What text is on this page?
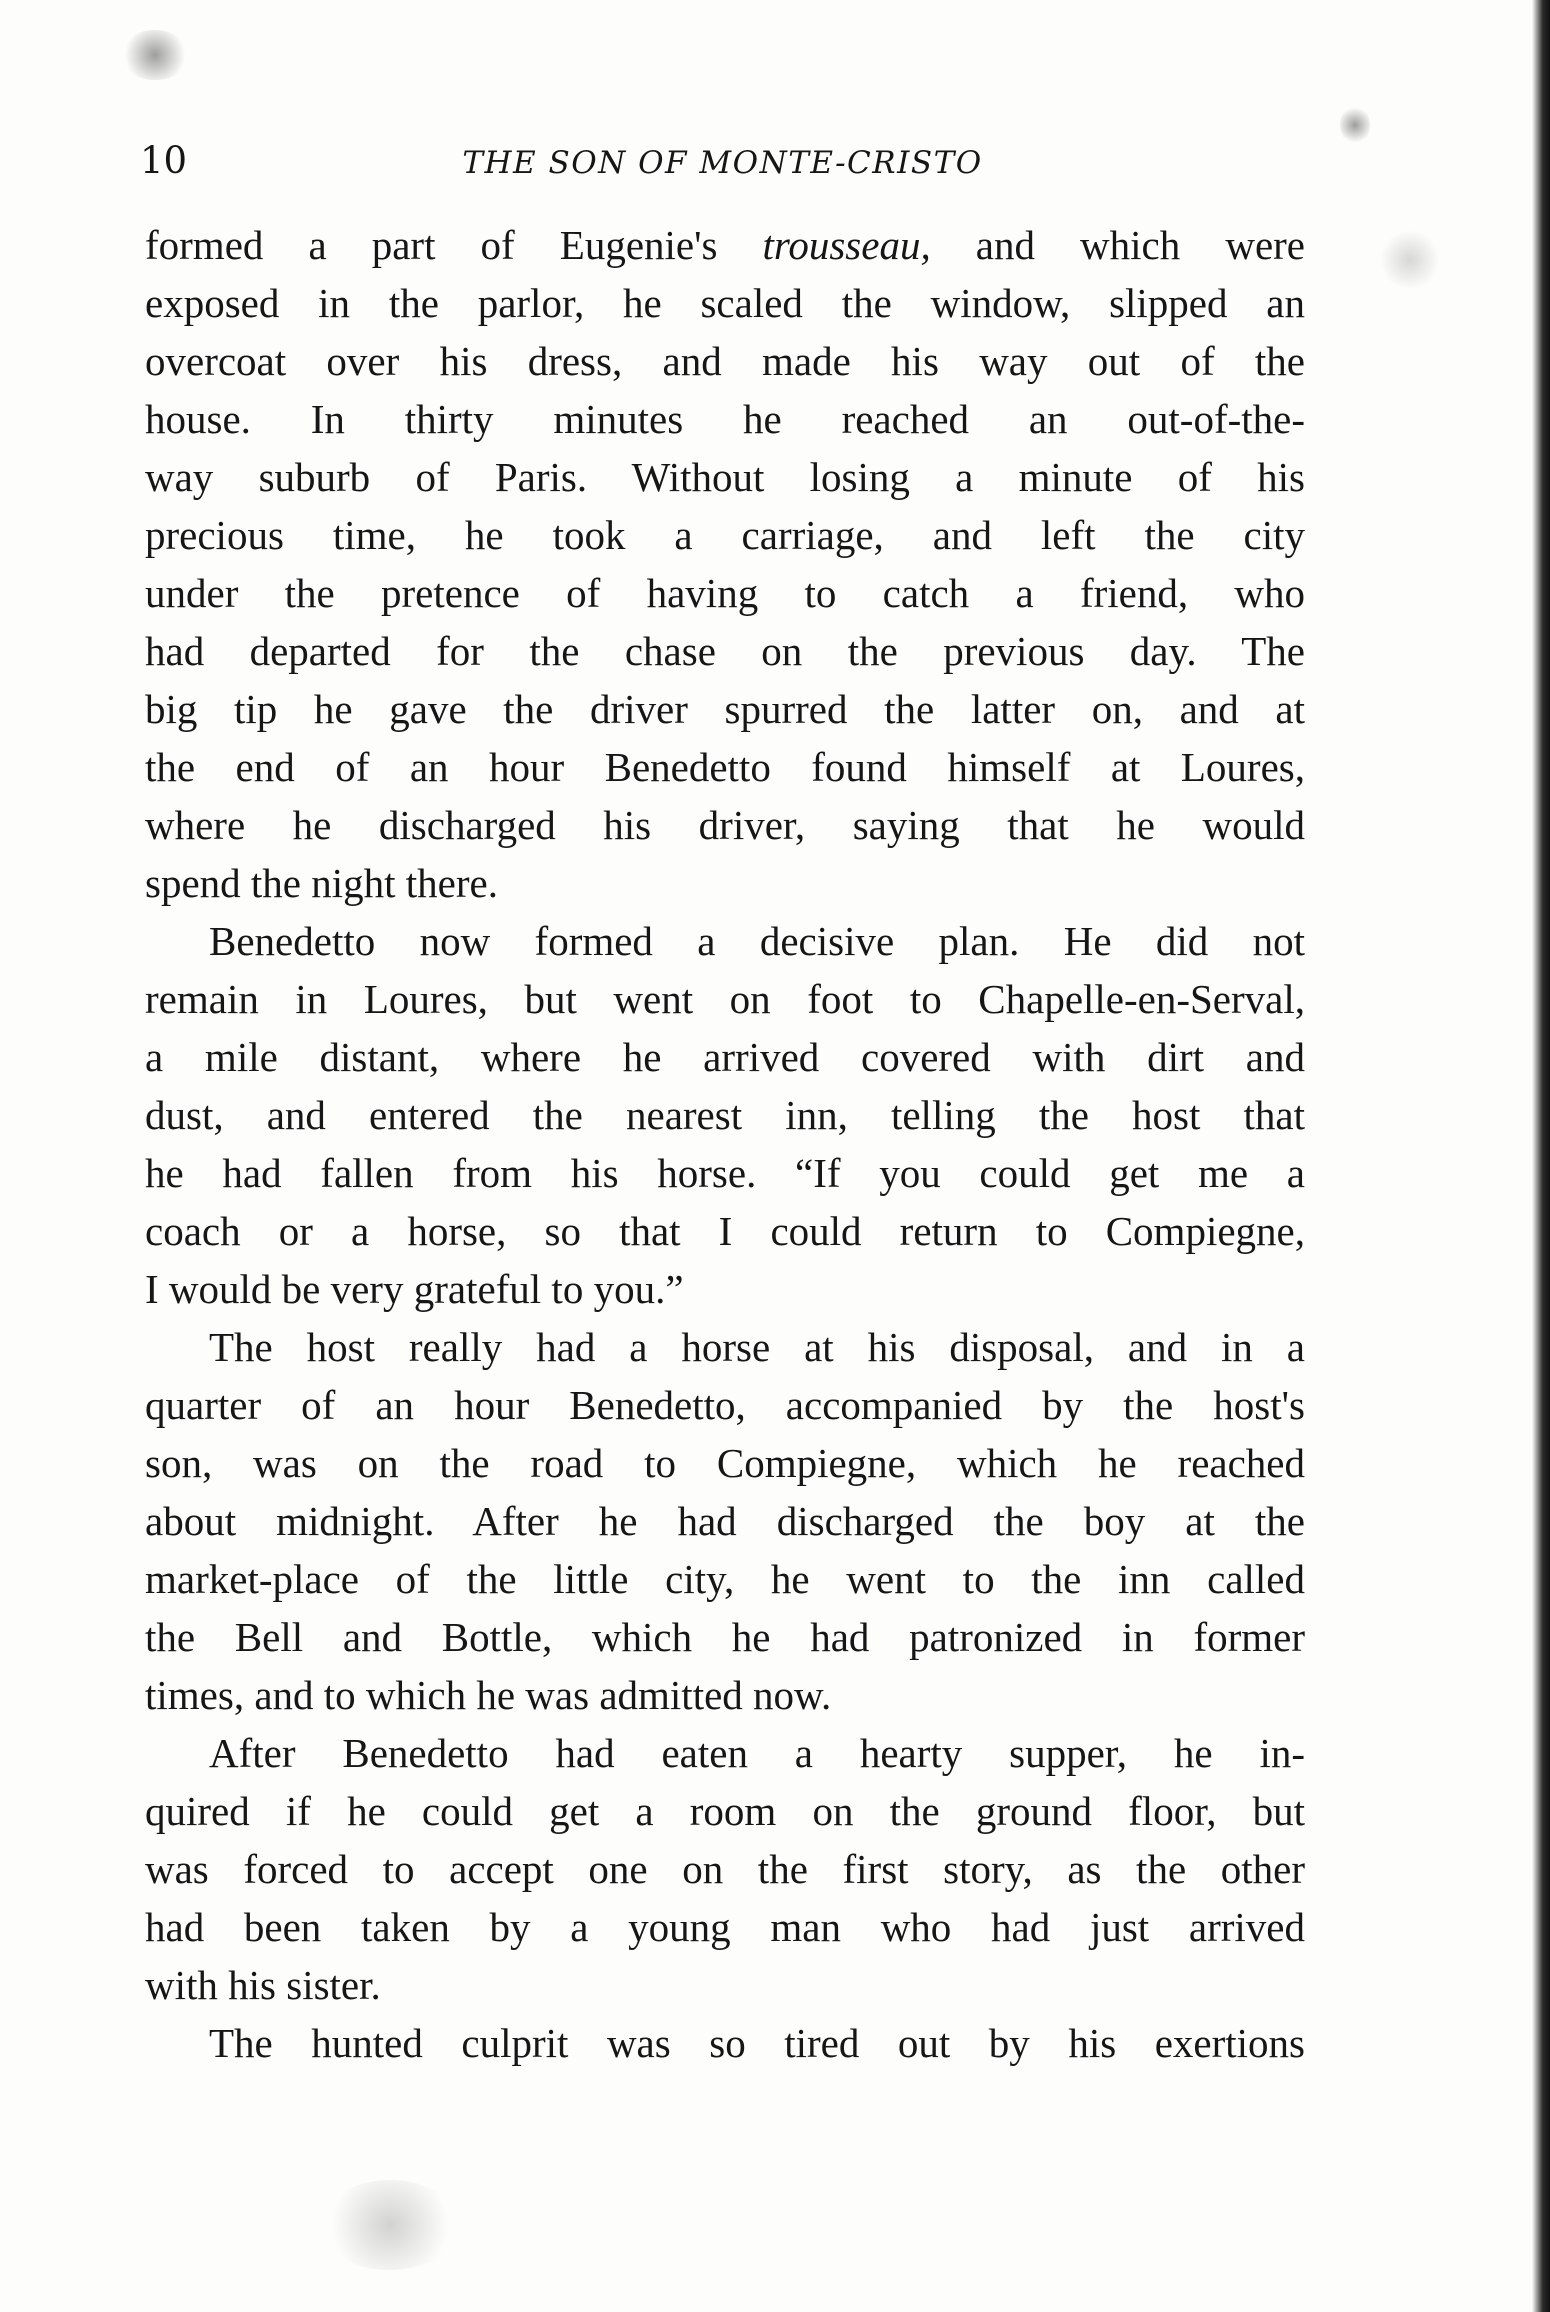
10	THE SON OF MONTE-CRISTO
formed a part of Eugenie's trousseau, and which were
exposed in the parlor, he scaled the window, slipped an
overcoat over his dress, and made his way out of the
house. In thirty minutes he reached an out-of-the-
way suburb of Paris. Without losing a minute of his
precious time, he took a carriage, and left the city
under the pretence of having to catch a friend, who
had departed for the chase on the previous day. The
big tip he gave the driver spurred the latter on, and at
the end of an hour Benedetto found himself at Loures,
where he discharged his driver, saying that he would
spend the night there.
Benedetto now formed a decisive plan. He did not
remain in Loures, but went on foot to Chapelle-en-Serval,
a mile distant, where he arrived covered with dirt and
dust, and entered the nearest inn, telling the host that
he had fallen from his horse. “If you could get me a
coach or a horse, so that I could return to Compiegne,
I would be very grateful to you.”
The host really had a horse at his disposal, and in a
quarter of an hour Benedetto, accompanied by the host's
son, was on the road to Compiegne, which he reached
about midnight. After he had discharged the boy at the
market-place of the little city, he went to the inn called
the Bell and Bottle, which he had patronized in former
times, and to which he was admitted now.
After Benedetto had eaten a hearty supper, he in-
quired if he could get a room on the ground floor, but
was forced to accept one on the first story, as the other
had been taken by a young man who had just arrived
with his sister.
The hunted culprit was so tired out by his exertions
